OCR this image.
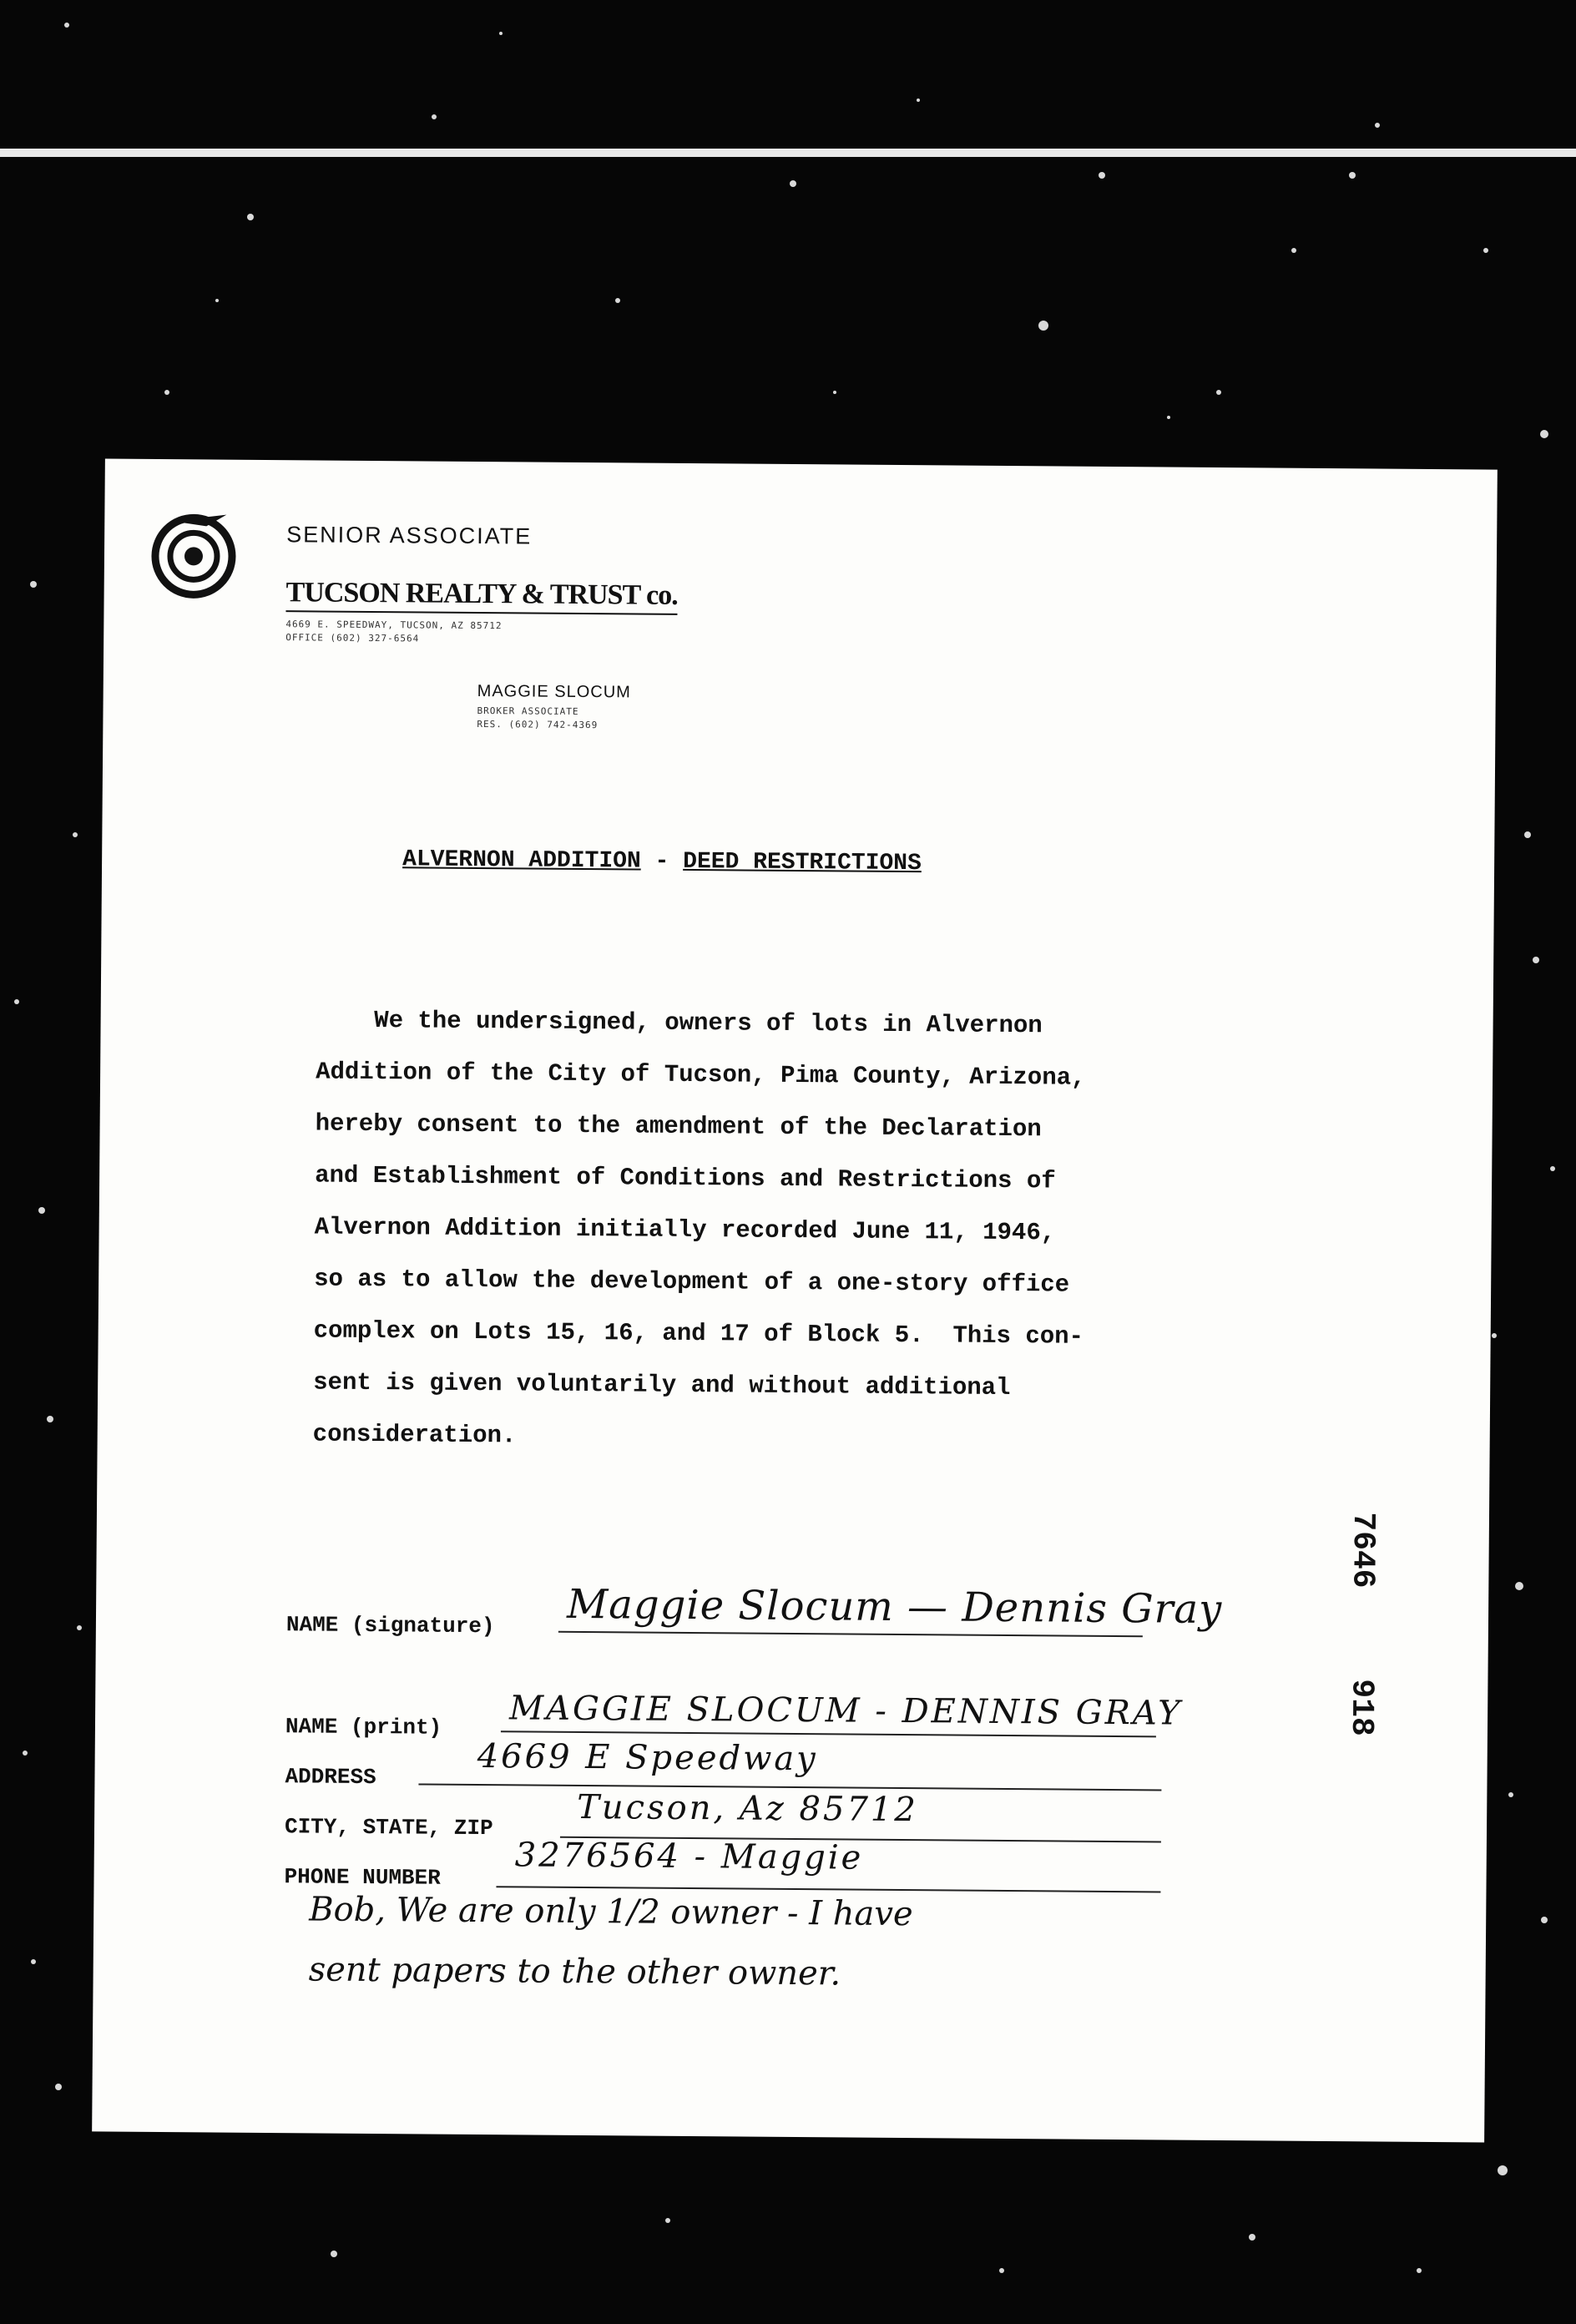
SENIOR ASSOCIATE
TUCSON REALTY & TRUST co.
4669 E. SPEEDWAY, TUCSON, AZ 85712
OFFICE (602) 327-6564
MAGGIE SLOCUM
BROKER ASSOCIATE
RES. (602) 742-4369
ALVERNON ADDITION - DEED RESTRICTIONS
We the undersigned, owners of lots in Alvernon
Addition of the City of Tucson, Pima County, Arizona,
hereby consent to the amendment of the Declaration
and Establishment of Conditions and Restrictions of
Alvernon Addition initially recorded June 11, 1946,
so as to allow the development of a one-story office
complex on Lots 15, 16, and 17 of Block 5.  This con-
sent is given voluntarily and without additional
consideration.
NAME (signature) Maggie Slocum — Dennis Gray
NAME (print) MAGGIE SLOCUM - DENNIS GRAY
ADDRESS	4669 E Speedway
CITY, STATE, ZIP	Tucson, Az 85712
PHONE NUMBER
3276564 - Maggie
Bob, We are only 1/2 owner - I have
sent papers to the other owner.
7646
918
